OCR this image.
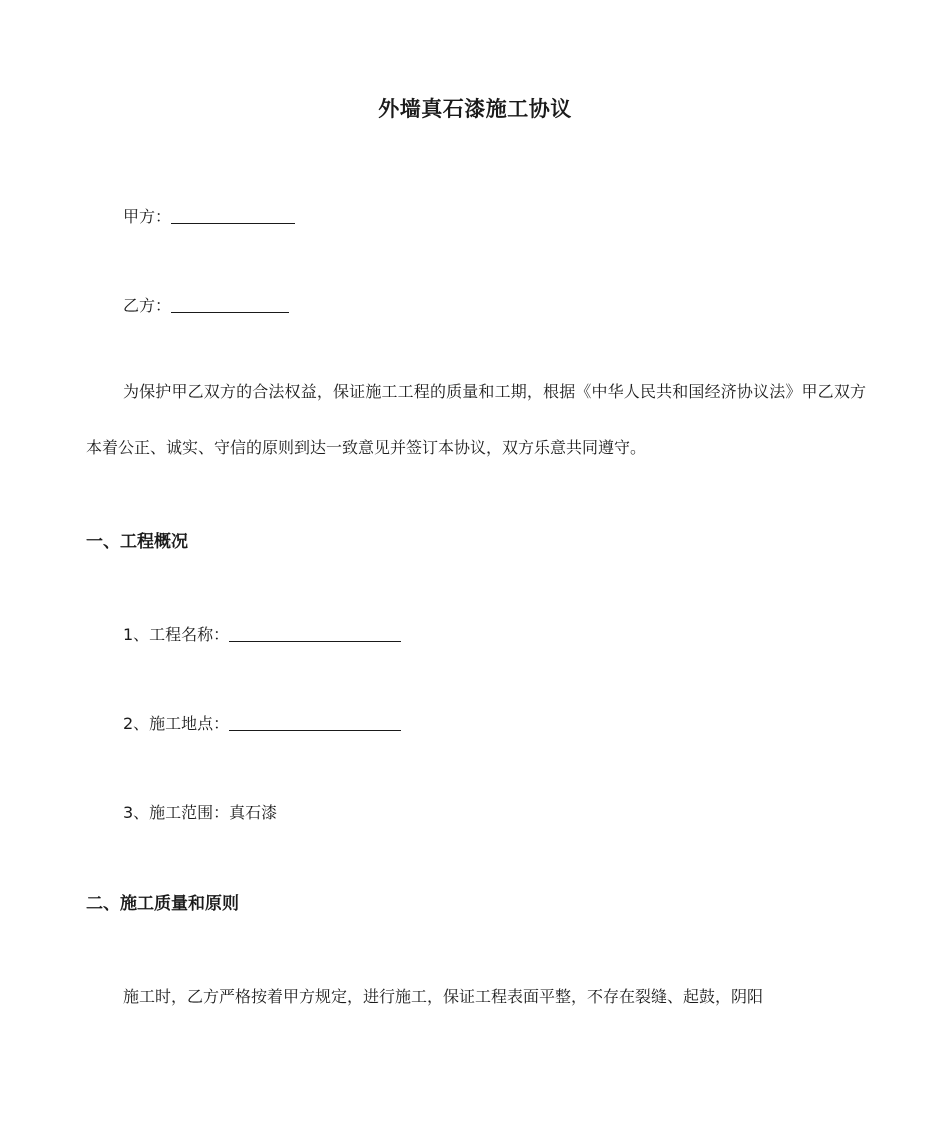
外墙真石漆施工协议
甲方：
乙方：

为保护甲乙双方的合法权益，保证施工工程的质量和工期，根据《中华人民共和国经济协议法》甲乙双方本着公正、诚实、守信的原则到达一致意见并签订本协议，双方乐意共同遵守。

一、工程概况
1、工程名称：
2、施工地点：
3、施工范围：真石漆
二、施工质量和原则

施工时，乙方严格按着甲方规定，进行施工，保证工程表面平整，不存在裂缝、起鼓，阴阳
